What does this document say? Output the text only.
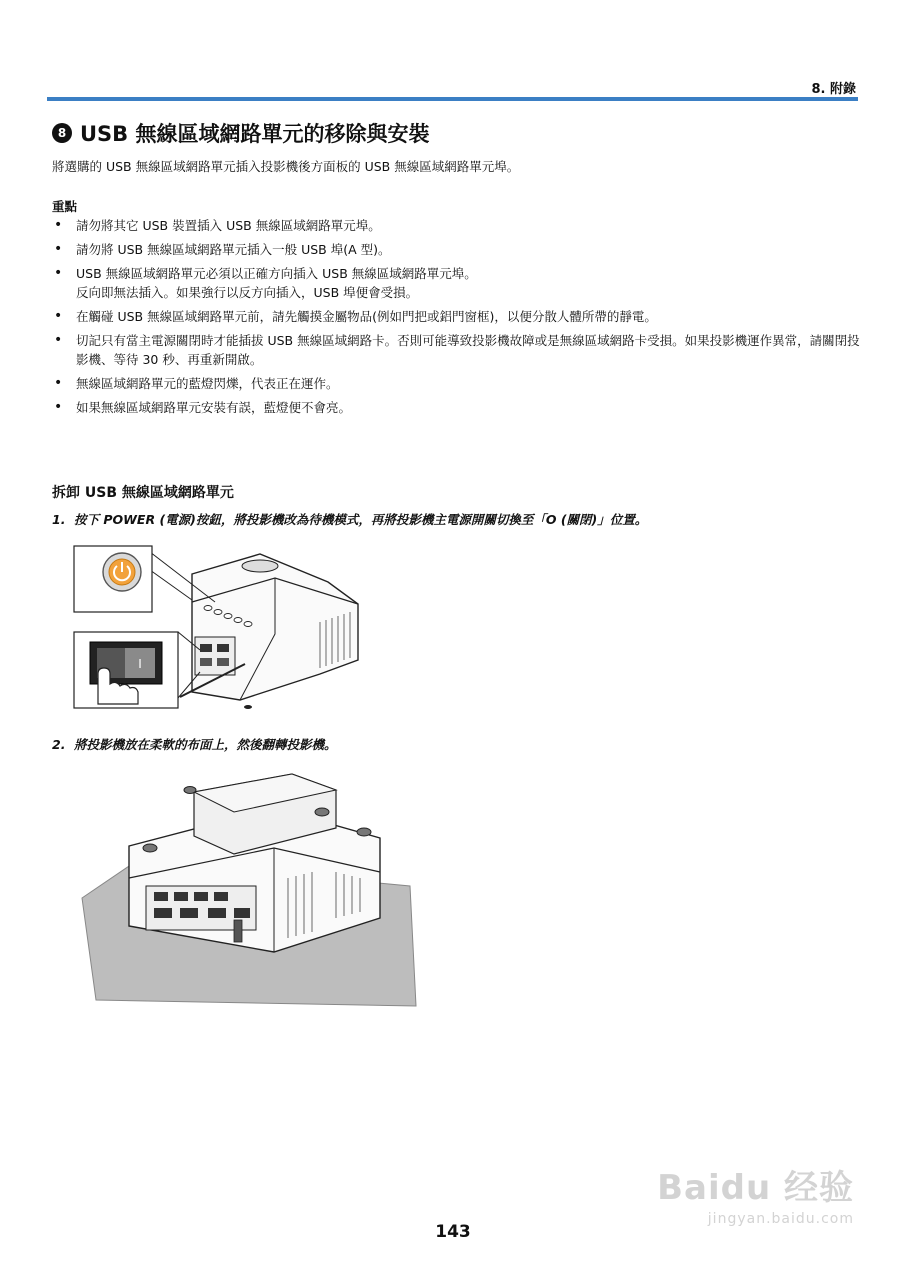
8. 附錄
8 USB 無線區域網路單元的移除與安裝
將選購的 USB 無線區域網路單元插入投影機後方面板的 USB 無線區域網路單元埠。
重點
• 請勿將其它 USB 裝置插入 USB 無線區域網路單元埠。
• 請勿將 USB 無線區域網路單元插入一般 USB 埠(A 型)。
• USB 無線區域網路單元必須以正確方向插入 USB 無線區域網路單元埠。
反向即無法插入。如果強行以反方向插入，USB 埠便會受損。
• 在觸碰 USB 無線區域網路單元前，請先觸摸金屬物品(例如門把或鋁門窗框)，以便分散人體所帶的靜電。
• 切記只有當主電源關閉時才能插拔 USB 無線區域網路卡。否則可能導致投影機故障或是無線區域網路卡受損。如果投影機運作異常，請關閉投影機、等待 30 秒、再重新開啟。
• 無線區域網路單元的藍燈閃爍，代表正在運作。
• 如果無線區域網路單元安裝有誤，藍燈便不會亮。
拆卸 USB 無線區域網路單元
1. 按下 POWER (電源)按鈕，將投影機改為待機模式，再將投影機主電源開關切換至「O (關閉)」位置。
I
2. 將投影機放在柔軟的布面上，然後翻轉投影機。
143
Baidu 经验
jingyan.baidu.com
